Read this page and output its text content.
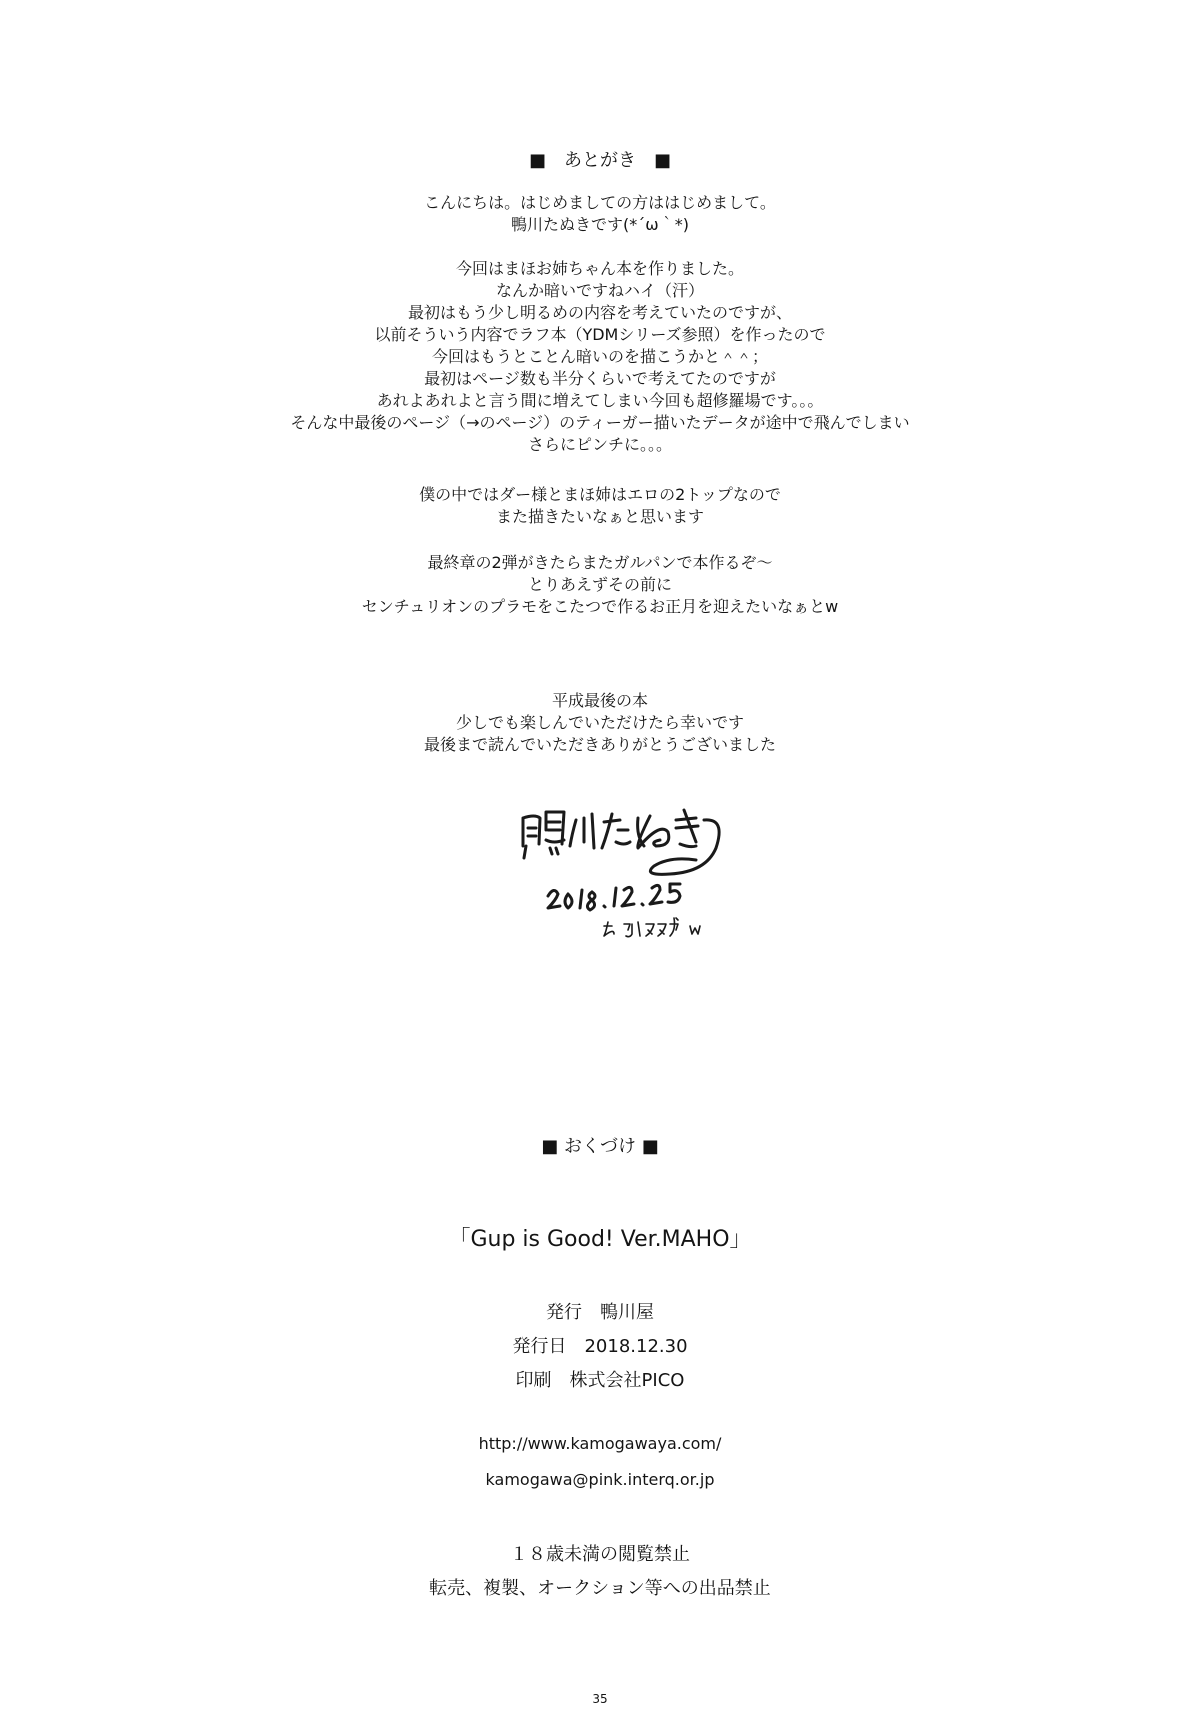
■　あとがき　■
こんにちは。はじめましての方ははじめまして。
鴨川たぬきです(*´ω｀*)
今回はまほお姉ちゃん本を作りました。
なんか暗いですねハイ（汗）
最初はもう少し明るめの内容を考えていたのですが、
以前そういう内容でラフ本（YDMシリーズ参照）を作ったので
今回はもうとことん暗いのを描こうかと＾＾；
最初はページ数も半分くらいで考えてたのですが
あれよあれよと言う間に増えてしまい今回も超修羅場です。。。
そんな中最後のページ（→のページ）のティーガー描いたデータが途中で飛んでしまい
さらにピンチに。。。
僕の中ではダー様とまほ姉はエロの2トップなので
また描きたいなぁと思います
最終章の2弾がきたらまたガルパンで本作るぞ～
とりあえずその前に
センチュリオンのプラモをこたつで作るお正月を迎えたいなぁとw
平成最後の本
少しでも楽しんでいただけたら幸いです
最後まで読んでいただきありがとうございました
■ おくづけ ■
「Gup is Good! Ver.MAHO」
発行　鴨川屋
発行日　2018.12.30
印刷　株式会社PICO
http://www.kamogawaya.com/
kamogawa@pink.interq.or.jp
１８歳未満の閲覧禁止
転売、複製、オークション等への出品禁止
35
